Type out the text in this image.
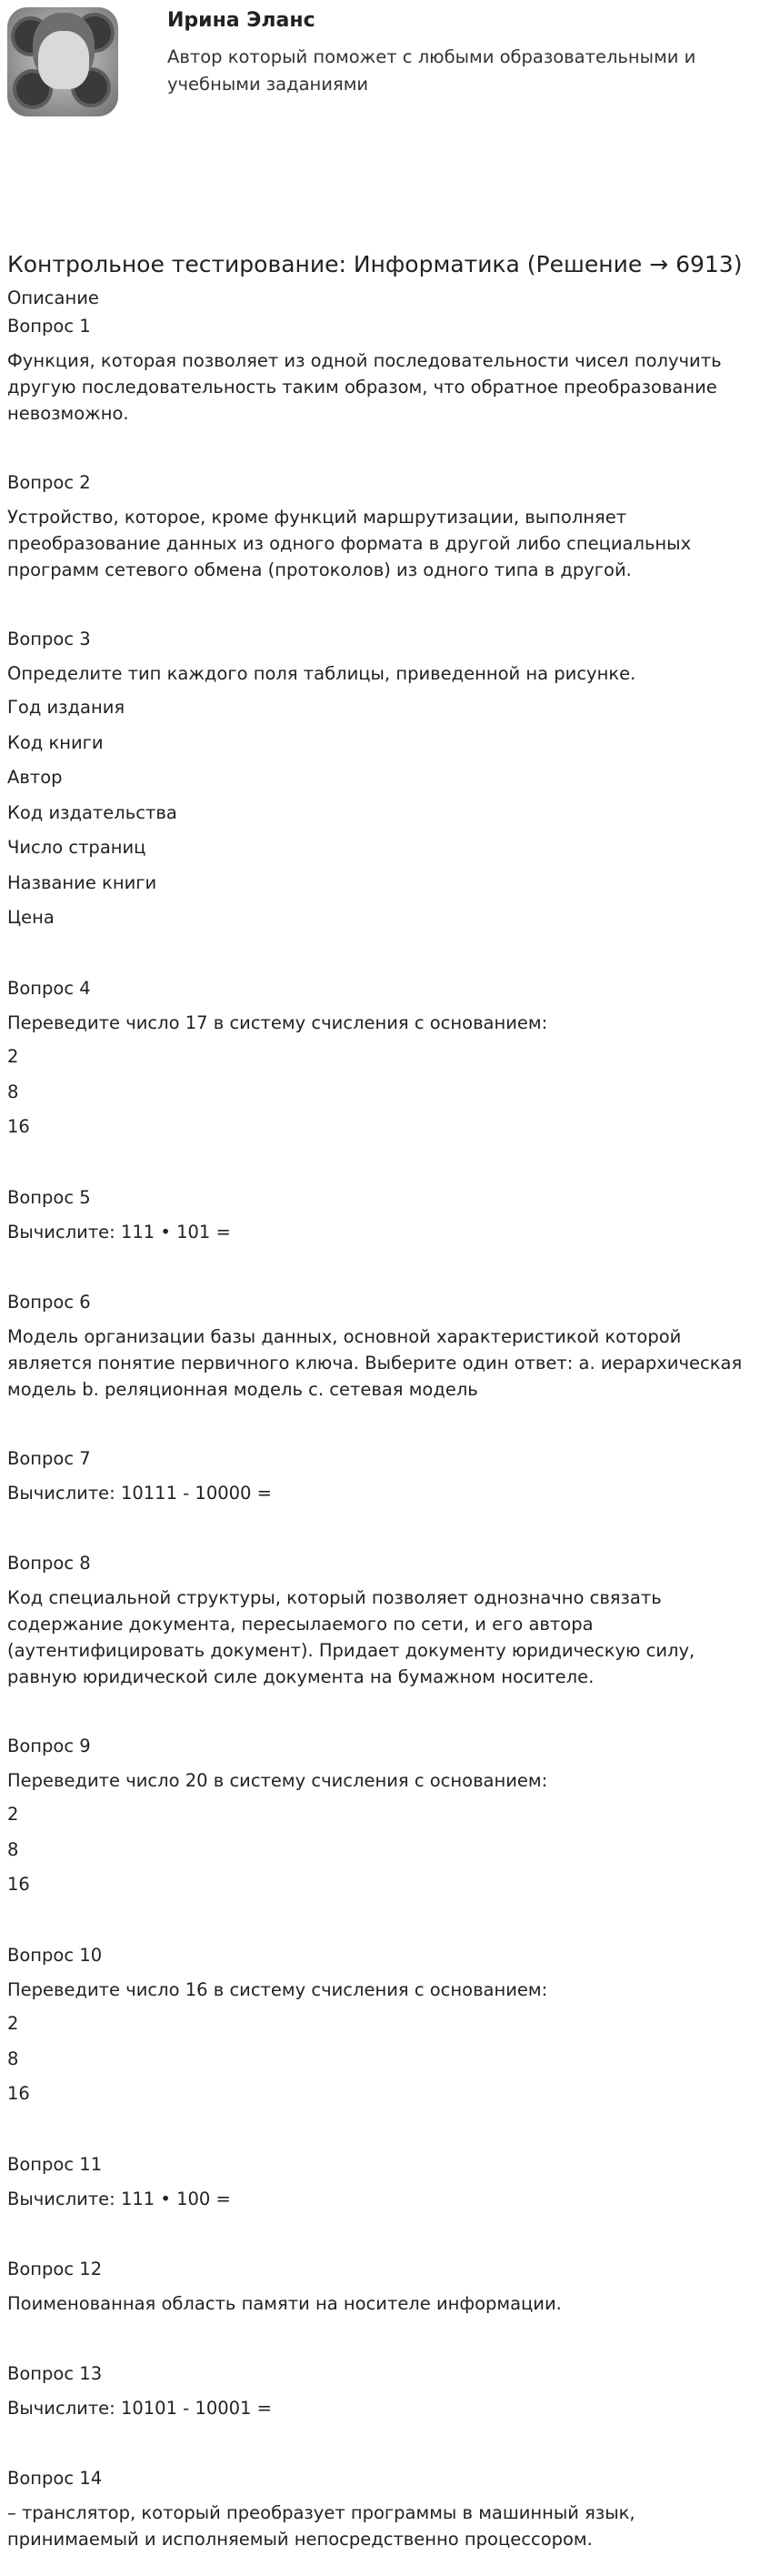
Ирина Эланс
Автор который поможет с любыми образовательными и учебными заданиями
Контрольное тестирование: Информатика (Решение → 6913)
Описание
Вопрос 1
Функция, которая позволяет из одной последовательности чисел получить другую последовательность таким образом, что обратное преобразование невозможно.
Вопрос 2
Устройство, которое, кроме функций маршрутизации, выполняет преобразование данных из одного формата в другой либо специальных программ сетевого обмена (протоколов) из одного типа в другой.
Вопрос 3
Определите тип каждого поля таблицы, приведенной на рисунке.
Год издания
Код книги
Автор
Код издательства
Число страниц
Название книги
Цена
Вопрос 4
Переведите число 17 в систему счисления с основанием:
2
8
16
Вопрос 5
Вычислите: 111 • 101 =
Вопрос 6
Модель организации базы данных, основной характеристикой которой является понятие первичного ключа. Выберите один ответ: a. иерархическая модель b. реляционная модель c. сетевая модель
Вопрос 7
Вычислите: 10111 - 10000 =
Вопрос 8
Код специальной структуры, который позволяет однозначно связать содержание документа, пересылаемого по сети, и его автора (аутентифицировать документ). Придает документу юридическую силу, равную юридической силе документа на бумажном носителе.
Вопрос 9
Переведите число 20 в систему счисления с основанием:
2
8
16
Вопрос 10
Переведите число 16 в систему счисления с основанием:
2
8
16
Вопрос 11
Вычислите: 111 • 100 =
Вопрос 12
Поименованная область памяти на носителе информации.
Вопрос 13
Вычислите: 10101 - 10001 =
Вопрос 14
– транслятор, который преобразует программы в машинный язык, принимаемый и исполняемый непосредственно процессором.
